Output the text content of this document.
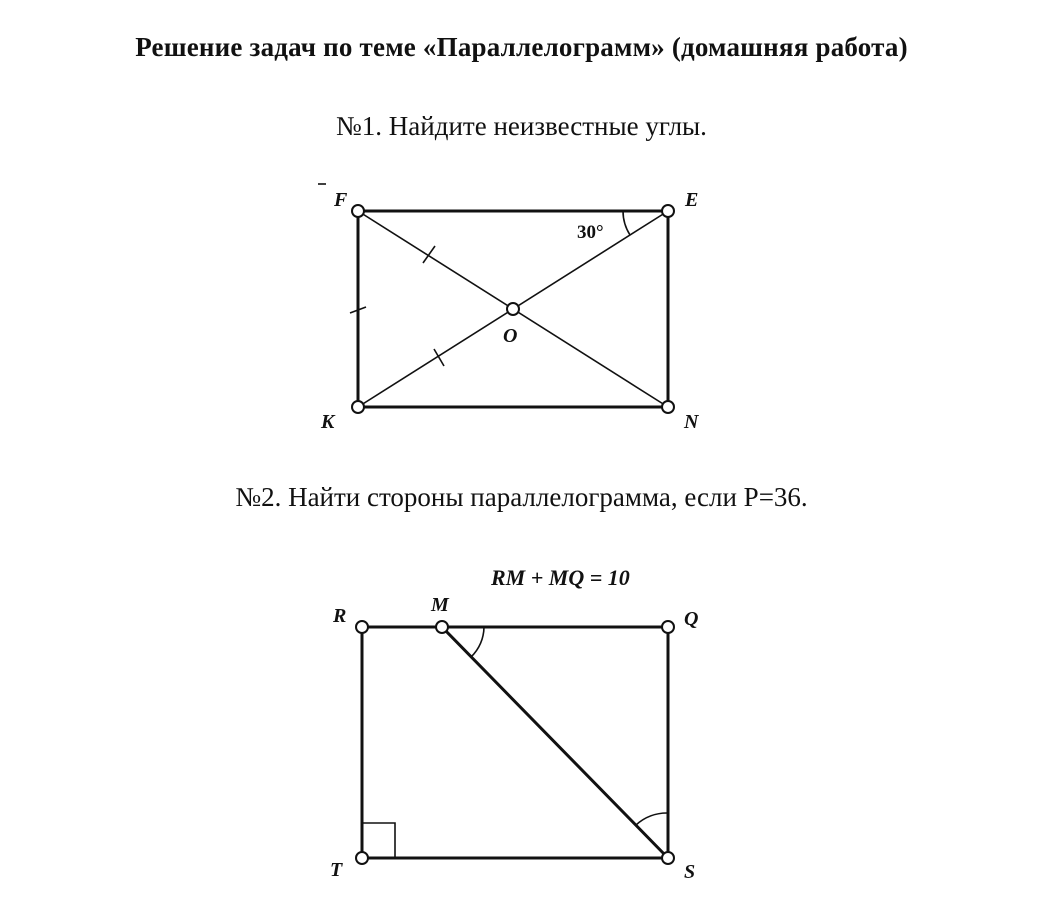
Решение задач по теме «Параллелограмм» (домашняя работа)
№1. Найдите неизвестные углы.
F	E
K	N
O
30°
№2. Найти стороны параллелограмма, если Р=36.
RM + MQ = 10
R	M
Q
T	S
